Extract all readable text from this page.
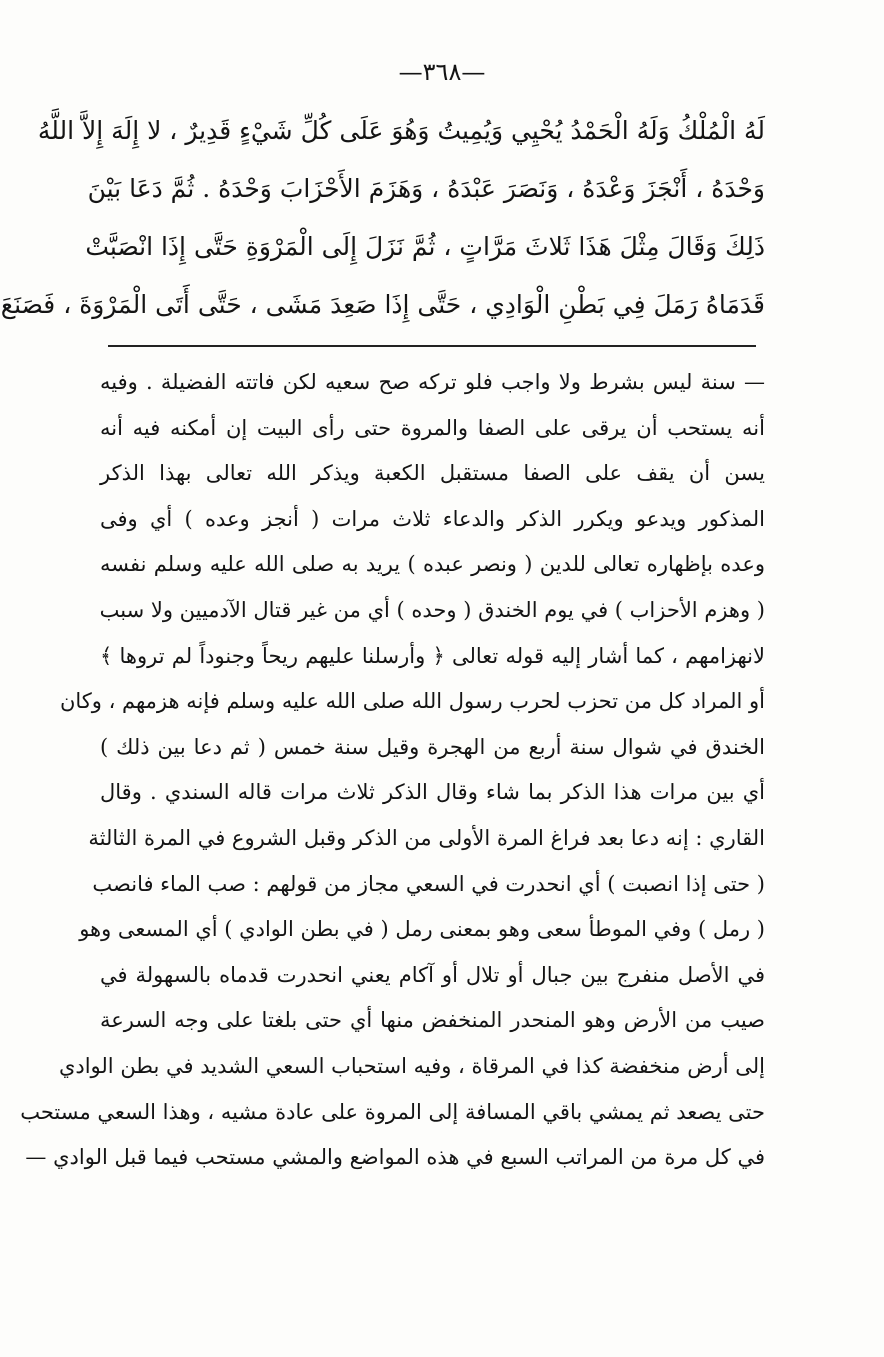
—٣٦٨—
لَهُ الْمُلْكُ وَلَهُ الْحَمْدُ يُحْيِي وَيُمِيتُ وَهُوَ عَلَى كُلِّ شَيْءٍ قَدِيرٌ ، لا إِلَهَ إِلاَّ اللَّهُ
وَحْدَهُ ، أَنْجَزَ وَعْدَهُ ، وَنَصَرَ عَبْدَهُ ، وَهَزَمَ الأَحْزَابَ وَحْدَهُ . ثُمَّ دَعَا بَيْنَ
ذَلِكَ وَقَالَ مِثْلَ هَذَا ثَلاثَ مَرَّاتٍ ، ثُمَّ نَزَلَ إِلَى الْمَرْوَةِ حَتَّى إِذَا انْصَبَّتْ
قَدَمَاهُ رَمَلَ فِي بَطْنِ الْوَادِي ، حَتَّى إِذَا صَعِدَ مَشَى ، حَتَّى أَتَى الْمَرْوَةَ ، فَصَنَعَ
— سنة ليس بشرط ولا واجب فلو تركه صح سعيه لكن فاتته الفضيلة . وفيه
أنه يستحب أن يرقى على الصفا والمروة حتى رأى البيت إن أمكنه فيه أنه
يسن أن يقف على الصفا مستقبل الكعبة ويذكر الله تعالى بهذا الذكر
المذكور ويدعو ويكرر الذكر والدعاء ثلاث مرات ( أنجز وعده ) أي وفى
وعده بإظهاره تعالى للدين ( ونصر عبده ) يريد به صلى الله عليه وسلم نفسه
( وهزم الأحزاب ) في يوم الخندق ( وحده ) أي من غير قتال الآدميين ولا سبب
لانهزامهم ، كما أشار إليه قوله تعالى ﴿ وأرسلنا عليهم ريحاً وجنوداً لم تروها ﴾
أو المراد كل من تحزب لحرب رسول الله صلى الله عليه وسلم فإنه هزمهم ، وكان
الخندق في شوال سنة أربع من الهجرة وقيل سنة خمس ( ثم دعا بين ذلك )
أي بين مرات هذا الذكر بما شاء وقال الذكر ثلاث مرات قاله السندي . وقال
القاري : إنه دعا بعد فراغ المرة الأولى من الذكر وقبل الشروع في المرة الثالثة
( حتى إذا انصبت ) أي انحدرت في السعي مجاز من قولهم : صب الماء فانصب
( رمل ) وفي الموطأ سعى وهو بمعنى رمل ( في بطن الوادي ) أي المسعى وهو
في الأصل منفرج بين جبال أو تلال أو آكام يعني انحدرت قدماه بالسهولة في
صيب من الأرض وهو المنحدر المنخفض منها أي حتى بلغتا على وجه السرعة
إلى أرض منخفضة كذا في المرقاة ، وفيه استحباب السعي الشديد في بطن الوادي
حتى يصعد ثم يمشي باقي المسافة إلى المروة على عادة مشيه ، وهذا السعي مستحب
في كل مرة من المراتب السبع في هذه المواضع والمشي مستحب فيما قبل الوادي —
